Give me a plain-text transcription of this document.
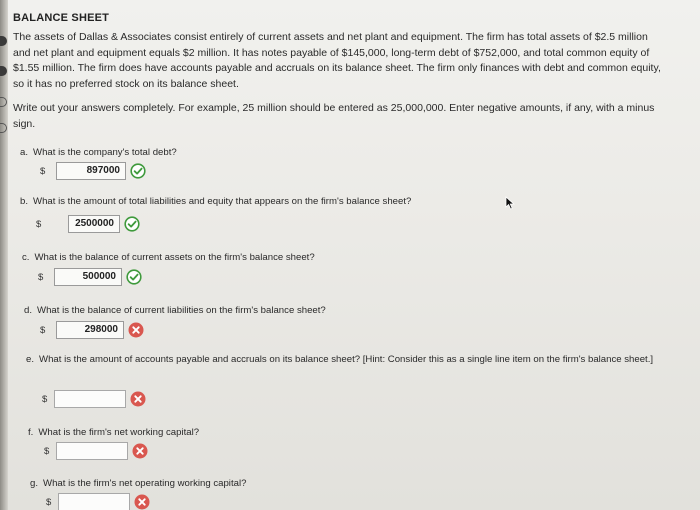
BALANCE SHEET

The assets of Dallas & Associates consist entirely of current assets and net plant and equipment. The firm has total assets of $2.5 million and net plant and equipment equals $2 million. It has notes payable of $145,000, long-term debt of $752,000, and total common equity of $1.55 million. The firm does have accounts payable and accruals on its balance sheet. The firm only finances with debt and common equity, so it has no preferred stock on its balance sheet.

Write out your answers completely. For example, 25 million should be entered as 25,000,000. Enter negative amounts, if any, with a minus sign.

a. What is the company's total debt?
$	897000
b. What is the amount of total liabilities and equity that appears on the firm's balance sheet?
$	2500000
c. What is the balance of current assets on the firm's balance sheet?
$	500000
d. What is the balance of current liabilities on the firm's balance sheet?
$	298000
e. What is the amount of accounts payable and accruals on its balance sheet? [Hint: Consider this as a single line item on the firm's balance sheet.]
$
f. What is the firm's net working capital?
$
g. What is the firm's net operating working capital?
$
